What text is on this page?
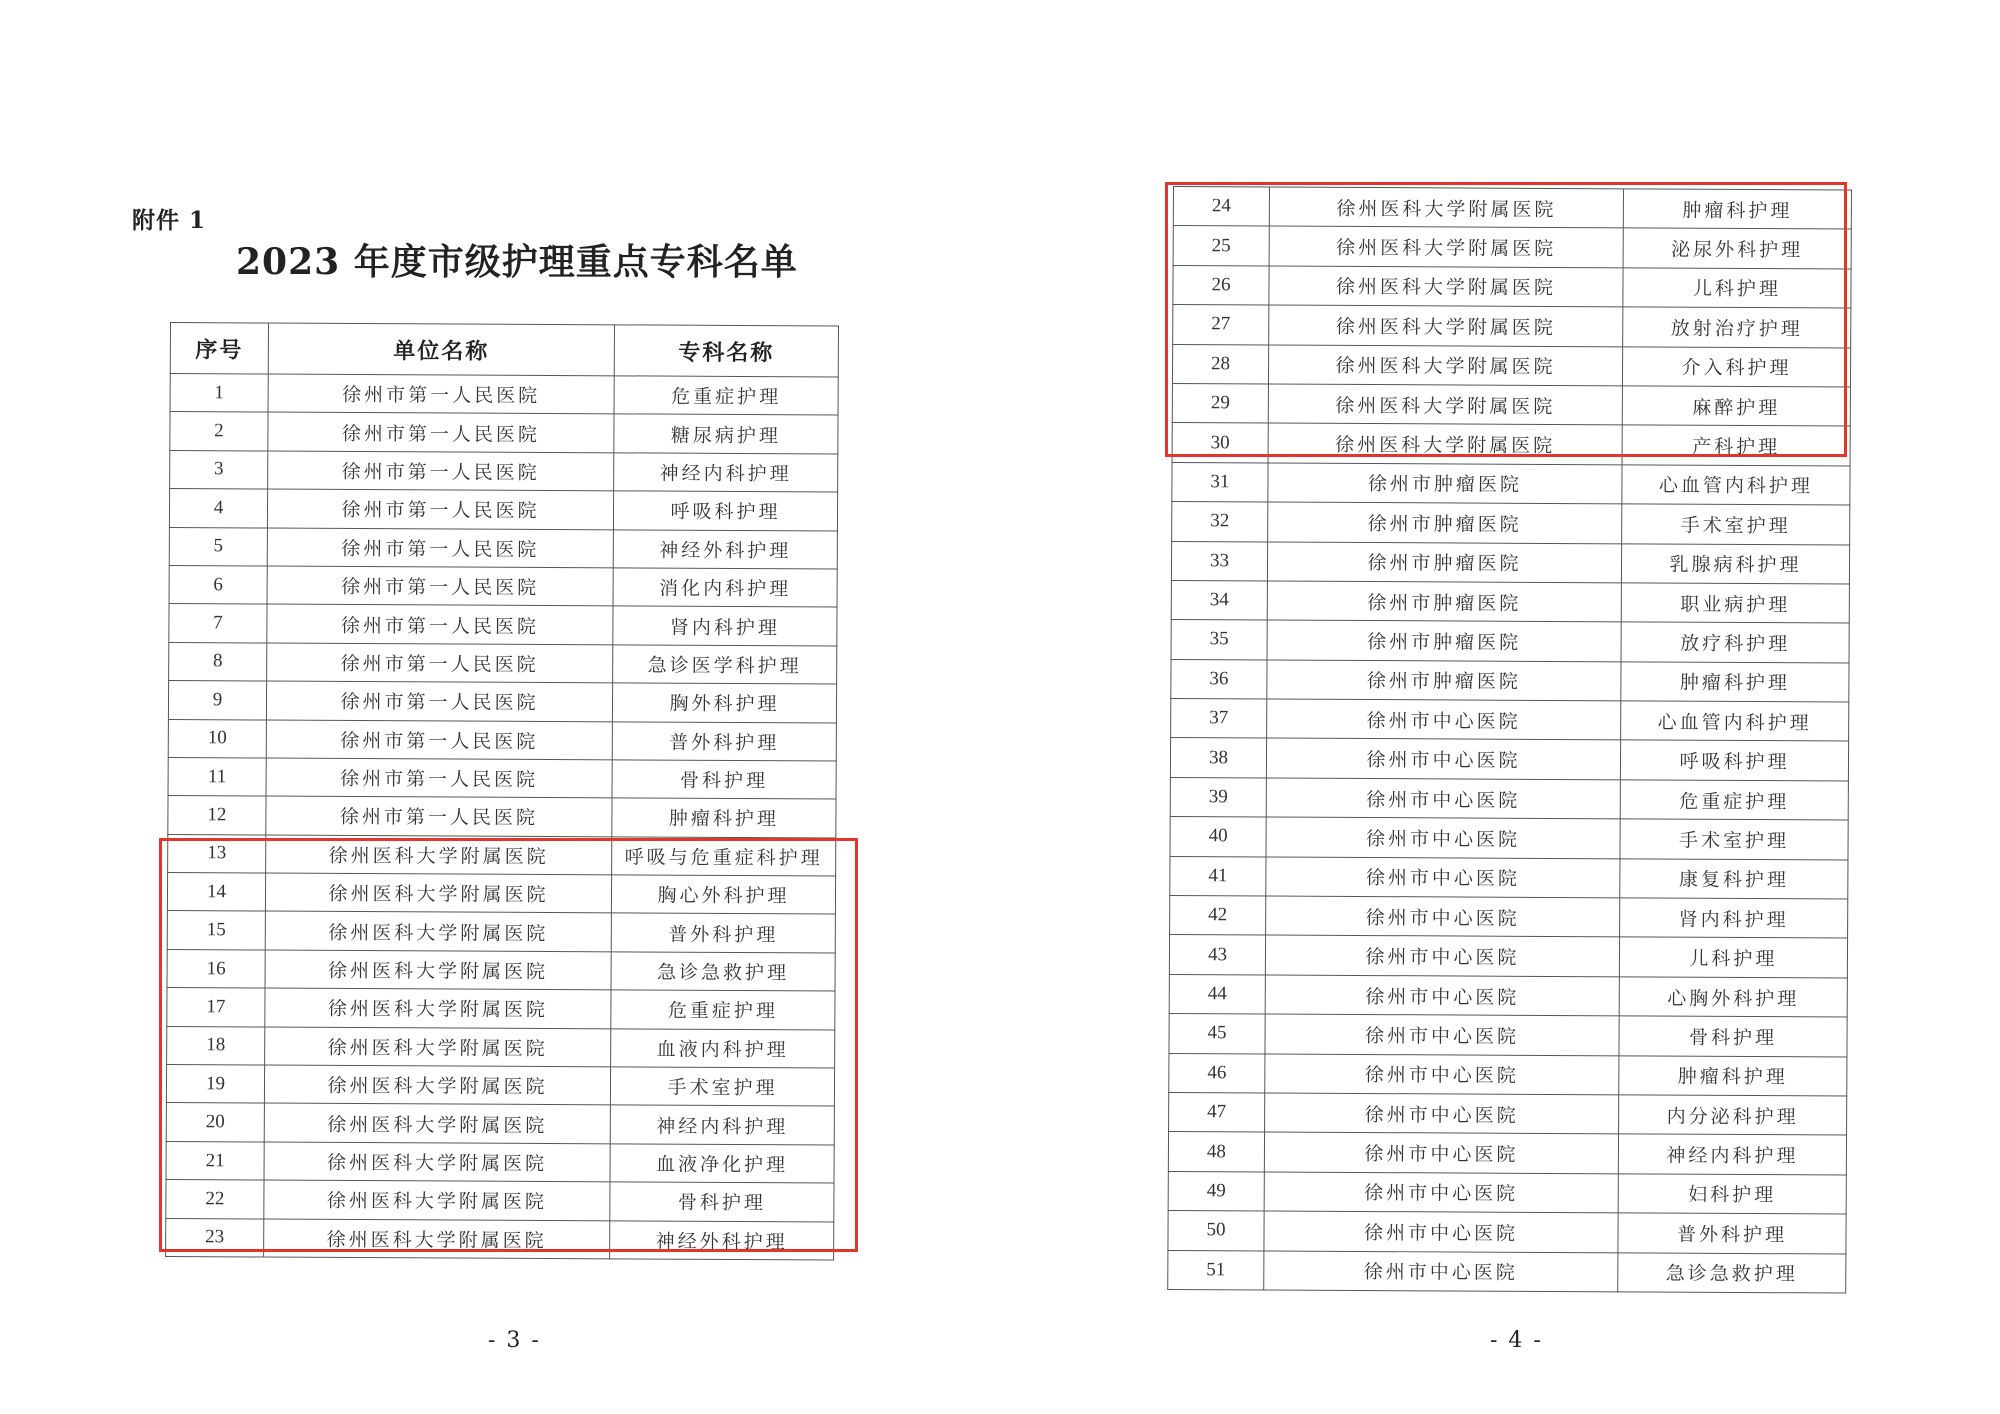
附件 1
2023 年度市级护理重点专科名单
序号	单位名称	专科名称
1	徐州市第一人民医院	危重症护理
2	徐州市第一人民医院	糖尿病护理
3	徐州市第一人民医院	神经内科护理
4	徐州市第一人民医院	呼吸科护理
5	徐州市第一人民医院	神经外科护理
6	徐州市第一人民医院	消化内科护理
7	徐州市第一人民医院	肾内科护理
8	徐州市第一人民医院	急诊医学科护理
9	徐州市第一人民医院	胸外科护理
10	徐州市第一人民医院	普外科护理
11	徐州市第一人民医院	骨科护理
12	徐州市第一人民医院	肿瘤科护理
13	徐州医科大学附属医院	呼吸与危重症科护理
14	徐州医科大学附属医院	胸心外科护理
15	徐州医科大学附属医院	普外科护理
16	徐州医科大学附属医院	急诊急救护理
17	徐州医科大学附属医院	危重症护理
18	徐州医科大学附属医院	血液内科护理
19	徐州医科大学附属医院	手术室护理
20	徐州医科大学附属医院	神经内科护理
21	徐州医科大学附属医院	血液净化护理
22	徐州医科大学附属医院	骨科护理
23	徐州医科大学附属医院	神经外科护理
- 3 -
24	徐州医科大学附属医院	肿瘤科护理
25	徐州医科大学附属医院	泌尿外科护理
26	徐州医科大学附属医院	儿科护理
27	徐州医科大学附属医院	放射治疗护理
28	徐州医科大学附属医院	介入科护理
29	徐州医科大学附属医院	麻醉护理
30	徐州医科大学附属医院	产科护理
31	徐州市肿瘤医院	心血管内科护理
32	徐州市肿瘤医院	手术室护理
33	徐州市肿瘤医院	乳腺病科护理
34	徐州市肿瘤医院	职业病护理
35	徐州市肿瘤医院	放疗科护理
36	徐州市肿瘤医院	肿瘤科护理
37	徐州市中心医院	心血管内科护理
38	徐州市中心医院	呼吸科护理
39	徐州市中心医院	危重症护理
40	徐州市中心医院	手术室护理
41	徐州市中心医院	康复科护理
42	徐州市中心医院	肾内科护理
43	徐州市中心医院	儿科护理
44	徐州市中心医院	心胸外科护理
45	徐州市中心医院	骨科护理
46	徐州市中心医院	肿瘤科护理
47	徐州市中心医院	内分泌科护理
48	徐州市中心医院	神经内科护理
49	徐州市中心医院	妇科护理
50	徐州市中心医院	普外科护理
51	徐州市中心医院	急诊急救护理
- 4 -
